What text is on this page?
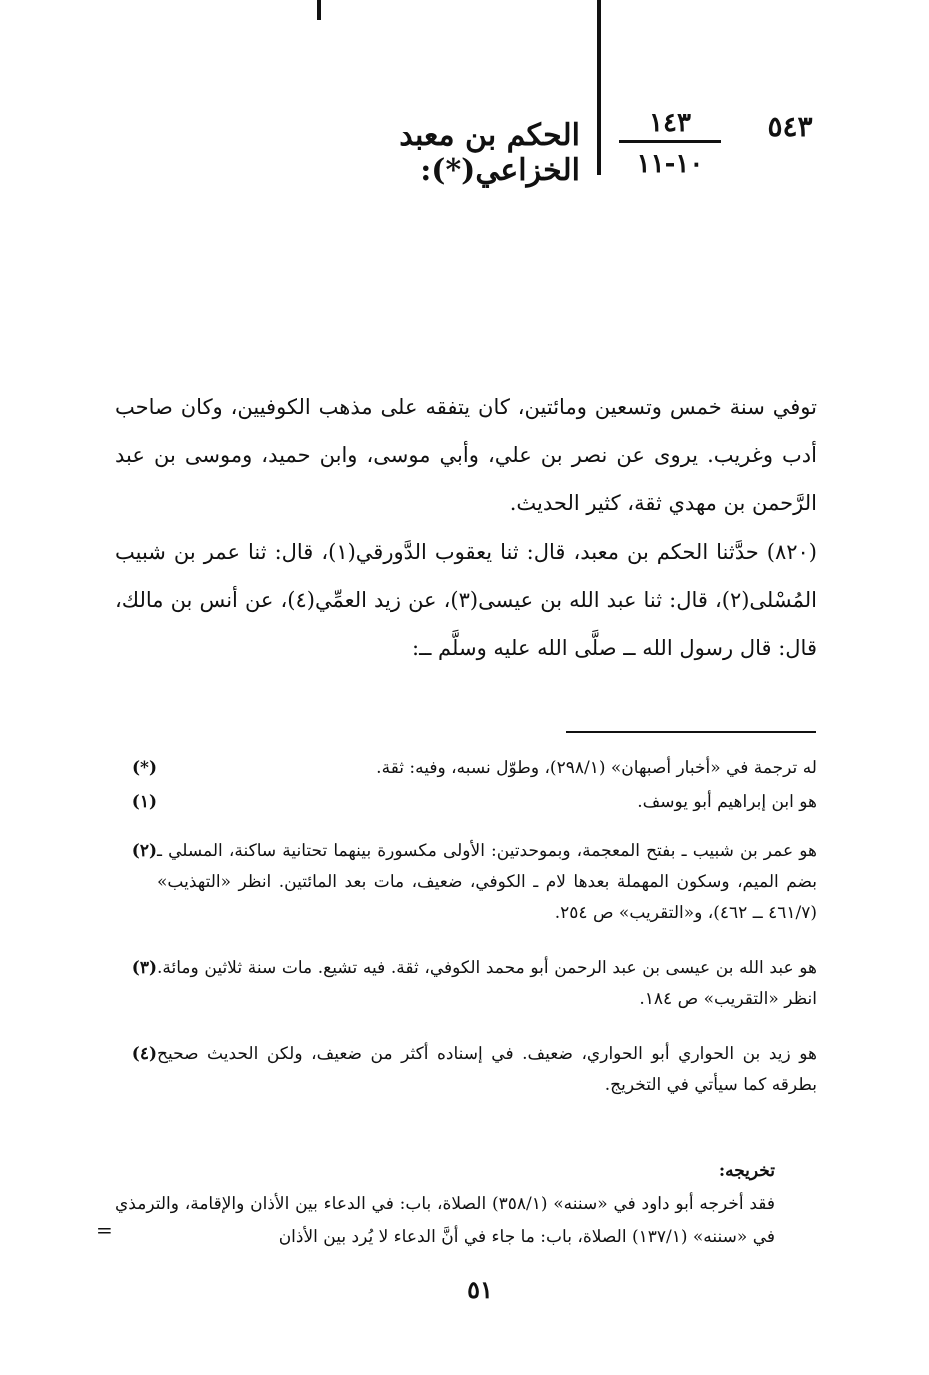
٥٤٣
١٤٣
١٠-١١
الحكم بن معبد الخزاعي(*):
توفي سنة خمس وتسعين ومائتين، كان يتفقه على مذهب الكوفيين، وكان صاحب أدب وغريب. يروى عن نصر بن علي، وأبي موسى، وابن حميد، وموسى بن عبد الرَّحمن بن مهدي ثقة، كثير الحديث.
(٨٢٠) حدَّثنا الحكم بن معبد، قال: ثنا يعقوب الدَّورقي(١)، قال: ثنا عمر بن شبيب المُسْلى(٢)، قال: ثنا عبد الله بن عيسى(٣)، عن زيد العمِّي(٤)، عن أنس بن مالك، قال: قال رسول الله ــ صلَّى الله عليه وسلَّم ــ:
(*)	له ترجمة في «أخبار أصبهان» (٢٩٨/١)، وطوّل نسبه، وفيه: ثقة.
(١)	هو ابن إبراهيم أبو يوسف.
(٢) هو عمر بن شبيب ـ بفتح المعجمة، وبموحدتين: الأولى مكسورة بينهما تحتانية ساكنة، المسلي ـ بضم الميم، وسكون المهملة بعدها لام ـ الكوفي، ضعيف، مات بعد المائتين. انظر «التهذيب» (٤٦١/٧ ــ ٤٦٢)، و«التقريب» ص ٢٥٤.
(٣) هو عبد الله بن عيسى بن عبد الرحمن أبو محمد الكوفي، ثقة. فيه تشيع. مات سنة ثلاثين ومائة. انظر «التقريب» ص ١٨٤.
(٤) هو زيد بن الحواري أبو الحواري، ضعيف. في إسناده أكثر من ضعيف، ولكن الحديث صحيح بطرقه كما سيأتي في التخريج.
تخريجه:
فقد أخرجه أبو داود في «سننه» (٣٥٨/١) الصلاة، باب: في الدعاء بين الأذان والإقامة، والترمذي في «سننه» (١٣٧/١) الصلاة، باب: ما جاء في أنَّ الدعاء لا يُرد بين الأذان
=
٥١
